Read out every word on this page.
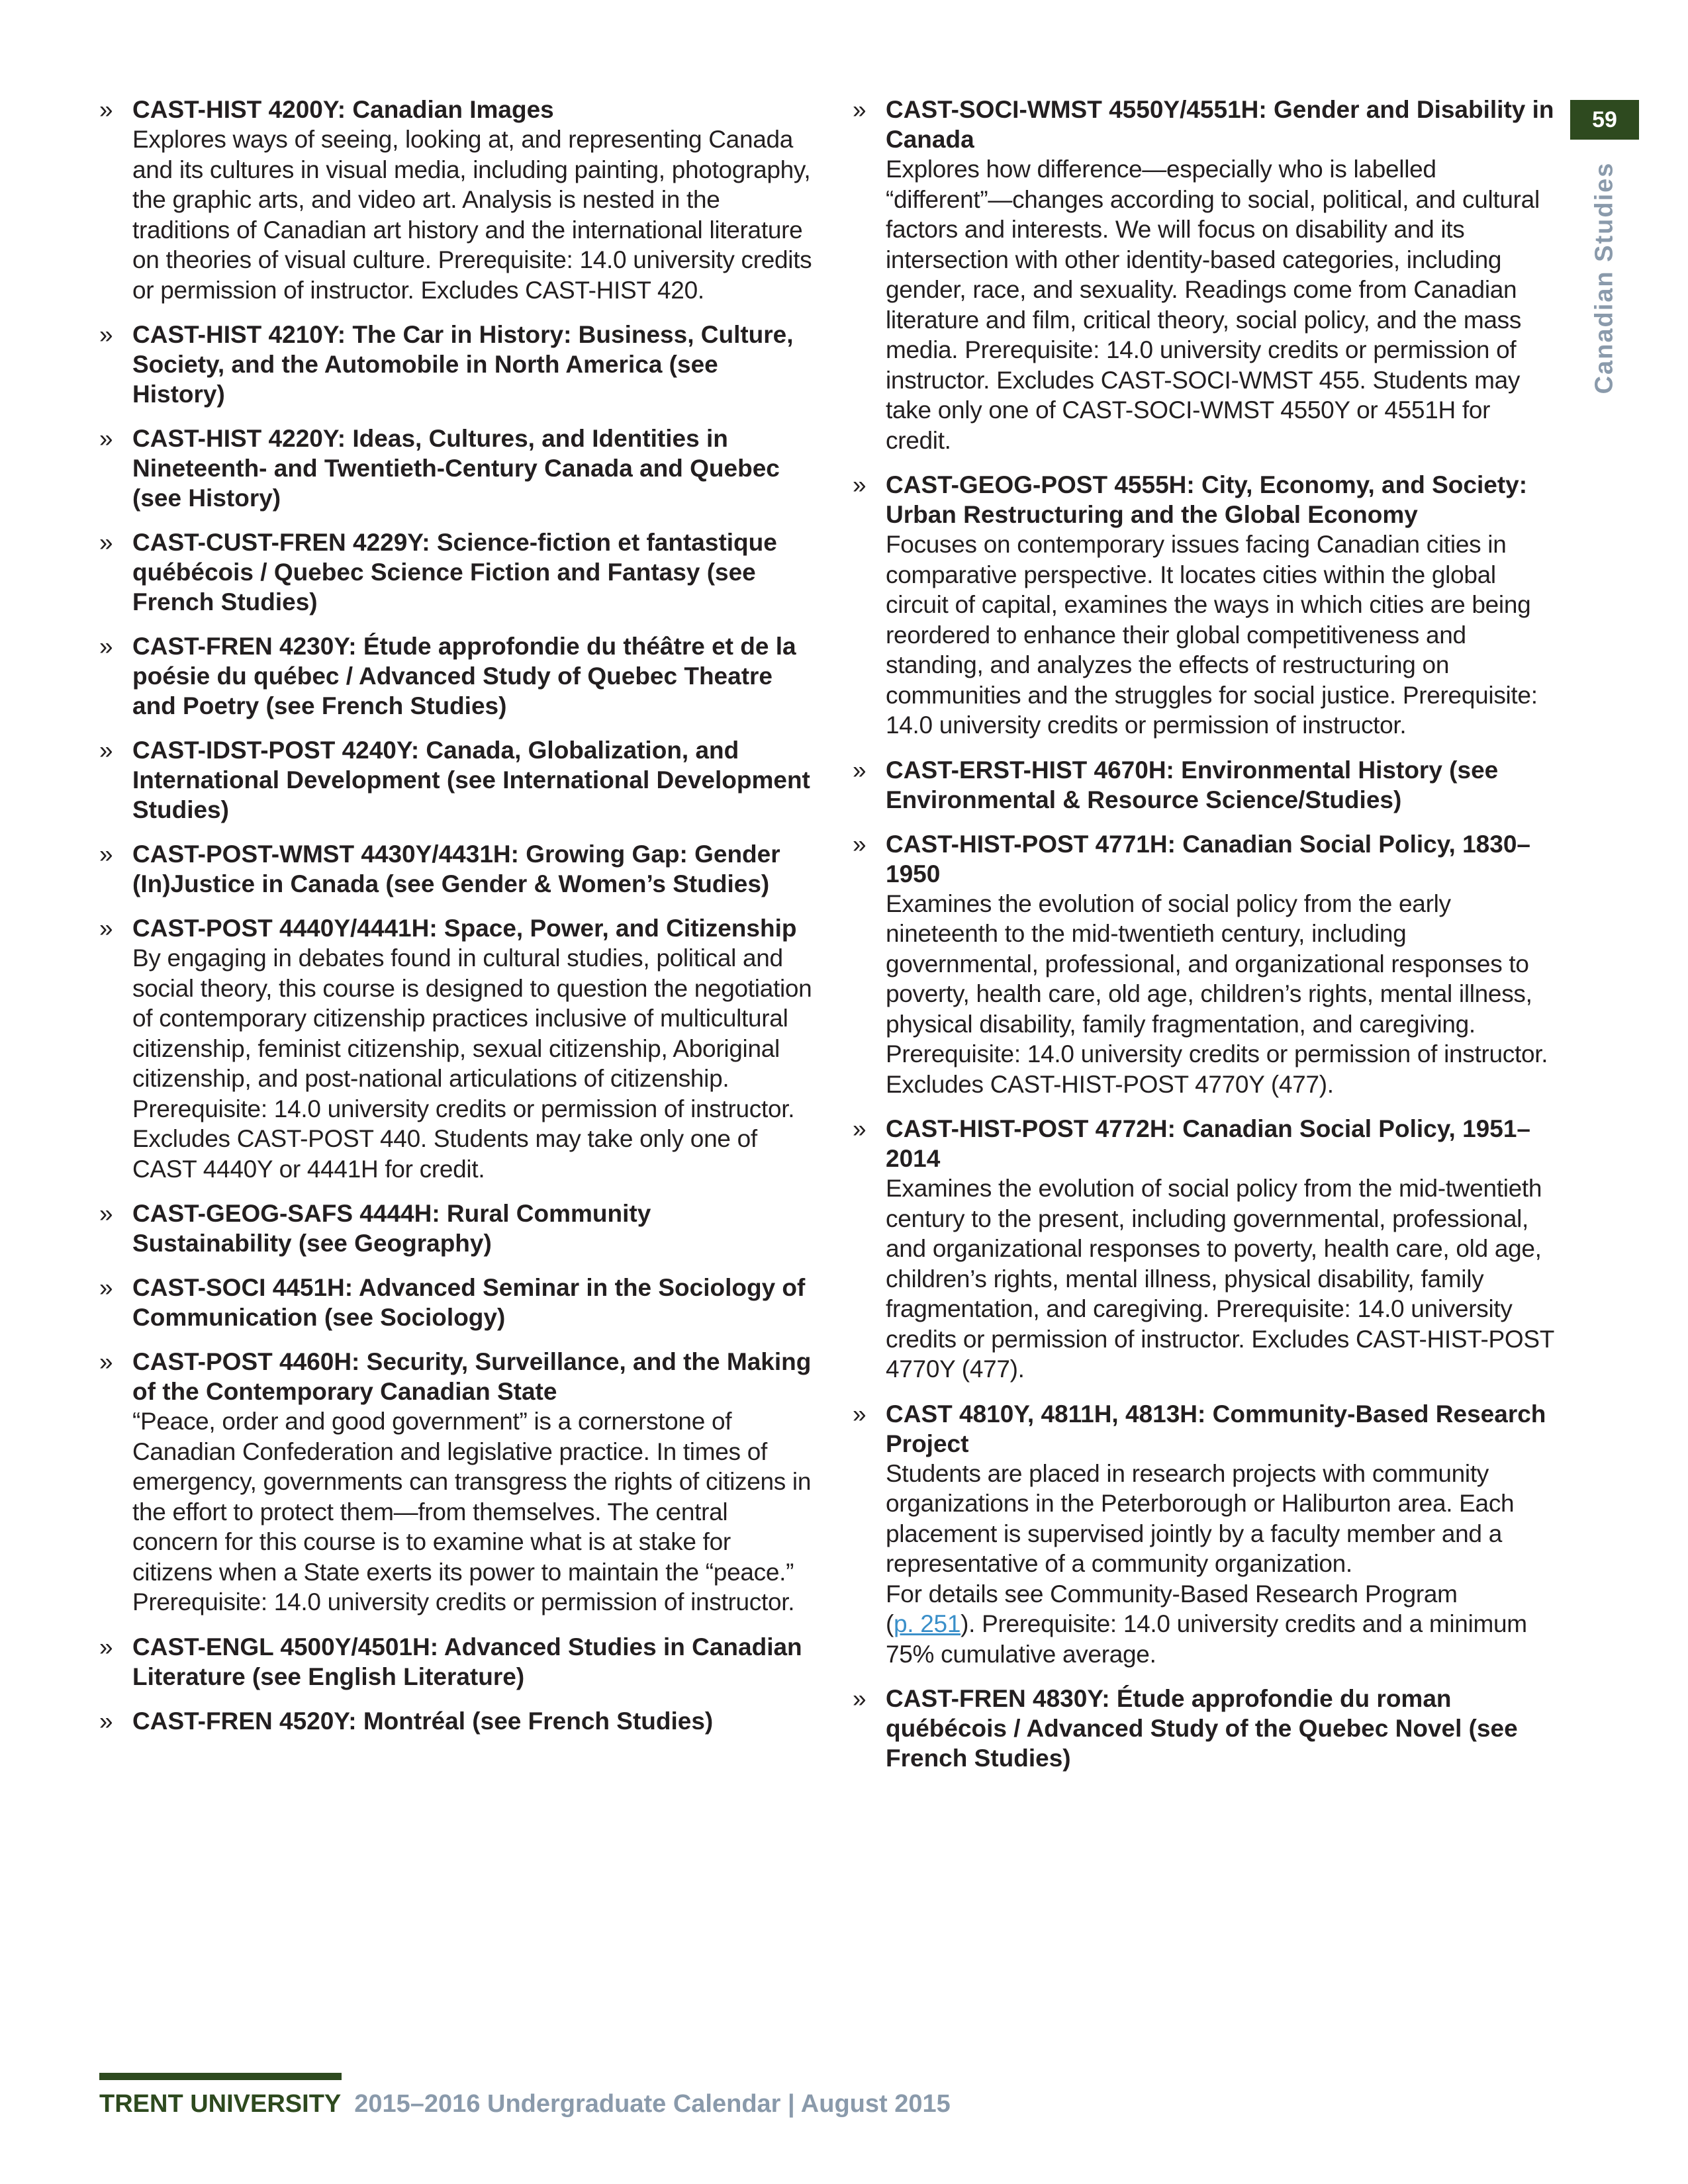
59
Canadian Studies
» CAST-HIST 4200Y: Canadian Images
Explores ways of seeing, looking at, and representing Canada and its cultures in visual media, including painting, photography, the graphic arts, and video art. Analysis is nested in the traditions of Canadian art history and the international literature on theories of visual culture. Prerequisite: 14.0 university credits or permission of instructor. Excludes CAST-HIST 420.
» CAST-HIST 4210Y: The Car in History: Business, Culture, Society, and the Automobile in North America (see History)
» CAST-HIST 4220Y: Ideas, Cultures, and Identities in Nineteenth- and Twentieth-Century Canada and Quebec (see History)
» CAST-CUST-FREN 4229Y: Science-fiction et fantastique québécois / Quebec Science Fiction and Fantasy (see French Studies)
» CAST-FREN 4230Y: Étude approfondie du théâtre et de la poésie du québec / Advanced Study of Quebec Theatre and Poetry (see French Studies)
» CAST-IDST-POST 4240Y: Canada, Globalization, and International Development (see International Development Studies)
» CAST-POST-WMST 4430Y/4431H: Growing Gap: Gender (In)Justice in Canada (see Gender & Women’s Studies)
» CAST-POST 4440Y/4441H: Space, Power, and Citizenship
By engaging in debates found in cultural studies, political and social theory, this course is designed to question the negotiation of contemporary citizenship practices inclusive of multicultural citizenship, feminist citizenship, sexual citizenship, Aboriginal citizenship, and post-national articulations of citizenship. Prerequisite: 14.0 university credits or permission of instructor. Excludes CAST-POST 440. Students may take only one of CAST 4440Y or 4441H for credit.
» CAST-GEOG-SAFS 4444H: Rural Community Sustainability (see Geography)
» CAST-SOCI 4451H: Advanced Seminar in the Sociology of Communication (see Sociology)
» CAST-POST 4460H: Security, Surveillance, and the Making of the Contemporary Canadian State
“Peace, order and good government” is a cornerstone of Canadian Confederation and legislative practice. In times of emergency, governments can transgress the rights of citizens in the effort to protect them—from themselves. The central concern for this course is to examine what is at stake for citizens when a State exerts its power to maintain the “peace.” Prerequisite: 14.0 university credits or permission of instructor.
» CAST-ENGL 4500Y/4501H: Advanced Studies in Canadian Literature (see English Literature)
» CAST-FREN 4520Y: Montréal (see French Studies)
» CAST-SOCI-WMST 4550Y/4551H: Gender and Disability in Canada
Explores how difference—especially who is labelled “different”—changes according to social, political, and cultural factors and interests. We will focus on disability and its intersection with other identity-based categories, including gender, race, and sexuality. Readings come from Canadian literature and film, critical theory, social policy, and the mass media. Prerequisite: 14.0 university credits or permission of instructor. Excludes CAST-SOCI-WMST 455. Students may take only one of CAST-SOCI-WMST 4550Y or 4551H for credit.
» CAST-GEOG-POST 4555H: City, Economy, and Society: Urban Restructuring and the Global Economy
Focuses on contemporary issues facing Canadian cities in comparative perspective. It locates cities within the global circuit of capital, examines the ways in which cities are being reordered to enhance their global competitiveness and standing, and analyzes the effects of restructuring on communities and the struggles for social justice. Prerequisite: 14.0 university credits or permission of instructor.
» CAST-ERST-HIST 4670H: Environmental History (see Environmental & Resource Science/Studies)
» CAST-HIST-POST 4771H: Canadian Social Policy, 1830–1950
Examines the evolution of social policy from the early nineteenth to the mid-twentieth century, including governmental, professional, and organizational responses to poverty, health care, old age, children’s rights, mental illness, physical disability, family fragmentation, and caregiving. Prerequisite: 14.0 university credits or permission of instructor. Excludes CAST-HIST-POST 4770Y (477).
» CAST-HIST-POST 4772H: Canadian Social Policy, 1951–2014
Examines the evolution of social policy from the mid-twentieth century to the present, including governmental, professional, and organizational responses to poverty, health care, old age, children’s rights, mental illness, physical disability, family fragmentation, and caregiving. Prerequisite: 14.0 university credits or permission of instructor. Excludes CAST-HIST-POST 4770Y (477).
» CAST 4810Y, 4811H, 4813H: Community-Based Research Project
Students are placed in research projects with community organizations in the Peterborough or Haliburton area. Each placement is supervised jointly by a faculty member and a representative of a community organization.
For details see Community-Based Research Program
(p. 251). Prerequisite: 14.0 university credits and a minimum 75% cumulative average.
» CAST-FREN 4830Y: Étude approfondie du roman québécois / Advanced Study of the Quebec Novel (see French Studies)
TRENT UNIVERSITY 2015–2016 Undergraduate Calendar | August 2015
